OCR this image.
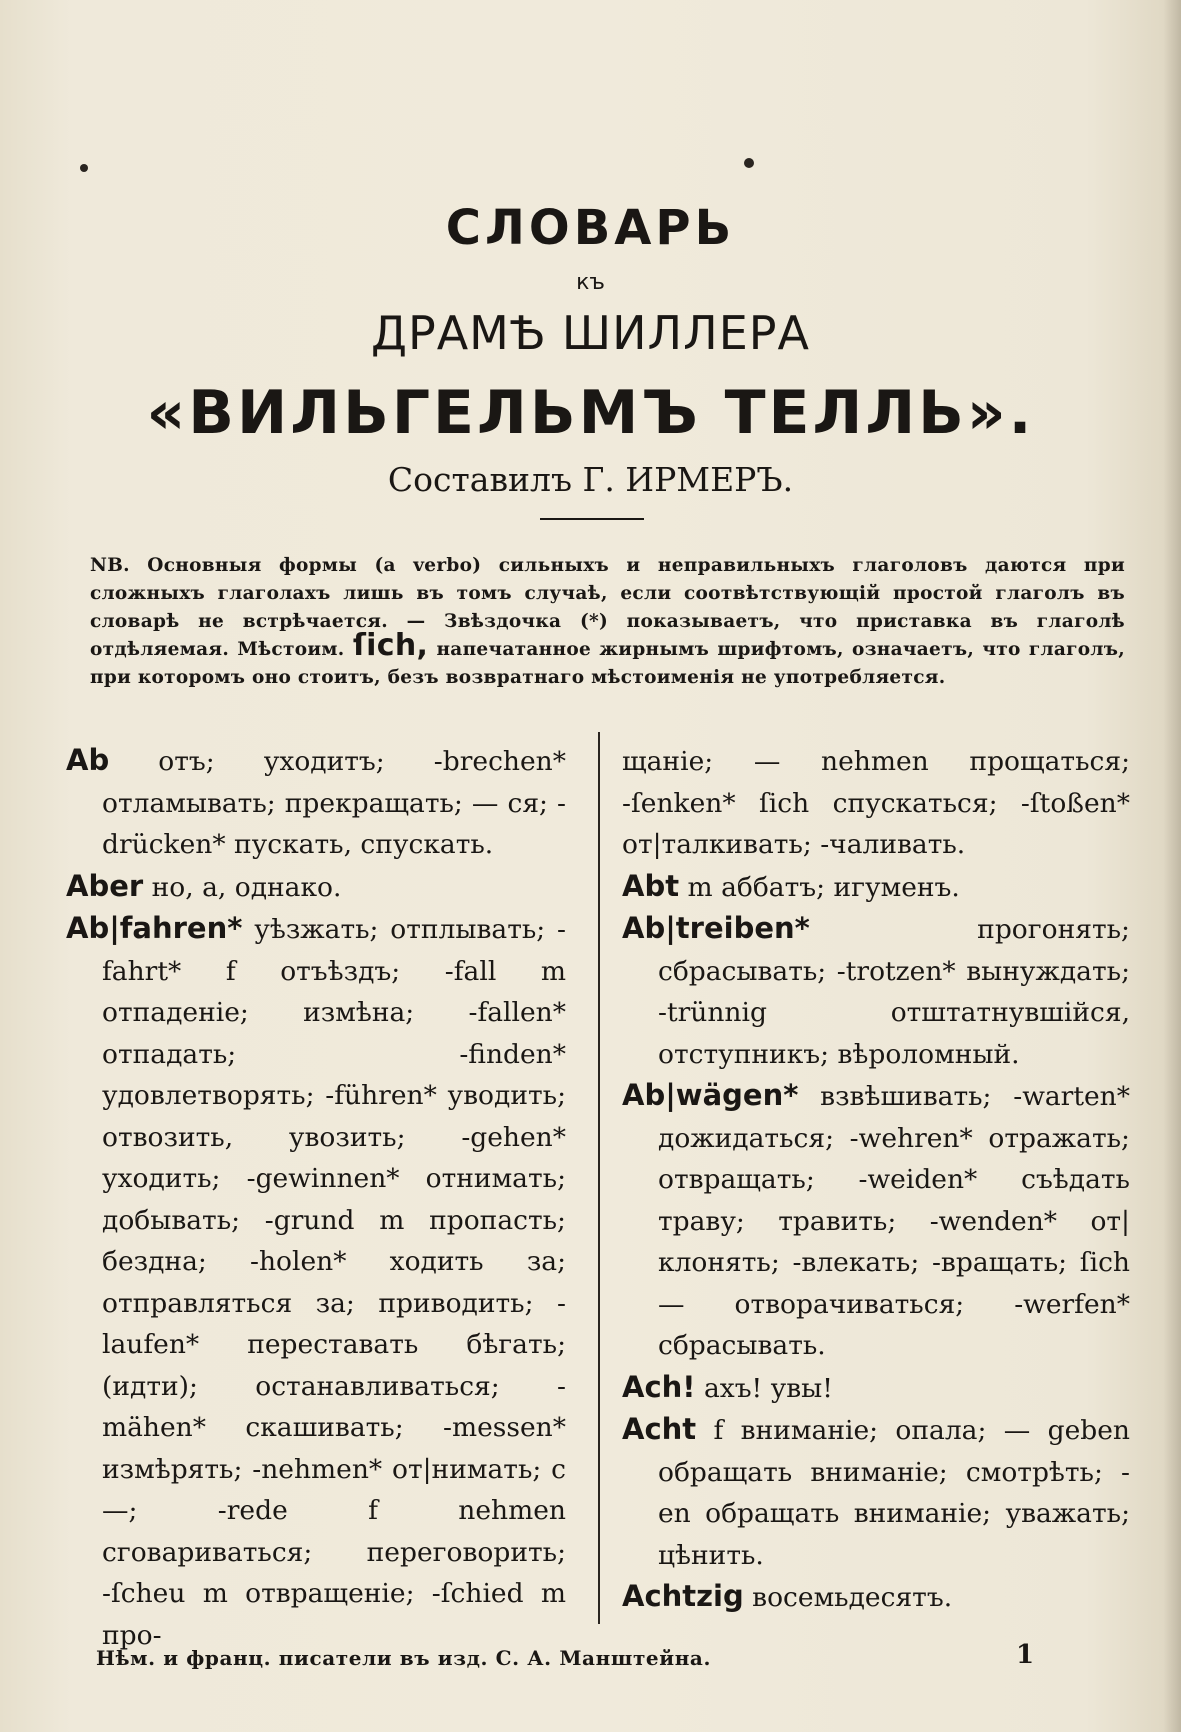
СЛОВАРЬ
къ
ДРАМѢ ШИЛЛЕРА
«ВИЛЬГЕЛЬМЪ ТЕЛЛЬ».
Составилъ Г. ИРМЕРЪ.
NB. Основныя формы (а verbo) сильныхъ и неправильныхъ глаголовъ даются при сложныхъ глаголахъ лишь въ томъ случаѣ, если соотвѣтствующій простой глаголъ въ словарѣ не встрѣчается. — Звѣздочка (*) показываетъ, что приставка въ глаголѣ отдѣляемая. Мѣстоим. ſich, напечатанное жирнымъ шрифтомъ, означаетъ, что глаголъ, при которомъ оно стоитъ, безъ возвратнаго мѣстоименія не употребляется.

Ab отъ; уходитъ; -brechen* отламывать; прекращать; — ся; -drücken* пускать, спускать.

Aber но, а, однако.

Ab|fahren* уѣзжать; отплывать; -fahrt* f отъѣздъ; -fall m отпаденіе; измѣна; -fallen* отпадать; -finden* удовлетворять; -führen* уводить; отвозить, увозить; -gehen* уходить; -gewinnen* отнимать; добывать; -grund m пропасть; бездна; -holen* ходить за; отправляться за; приводить; -laufen* переставать бѣгать; (идти); останавливаться; -mähen* скашивать; -messen* измѣрять; -nehmen* от|нимать; с—; -rede f nehmen сговариваться; переговорить; -ſcheu m отвращеніе; -ſchied m про-

щаніе; — nehmen прощаться; -ſenken* ſich спускаться; -ſtoßen* от|талкивать; -чаливать.

Abt m аббатъ; игуменъ.

Ab|treiben*	прогонять; сбрасывать; -trotzen* вынуждать; -trünnig отштатнувшійся, отступникъ; вѣроломный.

Ab|wägen* взвѣшивать; -warten* дожидаться; -wehren* отражать; отвращать; -weiden* съѣдать траву; травить; -wenden* от|клонять; -влекать; -вращать; ſich — отворачиваться; -werfen* сбрасывать.

Ach! ахъ! увы!

Acht f вниманіе; опала; — geben обращать вниманіе; смотрѣть; -en обращать вниманіе; уважать; цѣнить.

Achtzig восемьдесятъ.

Нѣм. и франц. писатели въ изд. С. А. Манштейна.	1
